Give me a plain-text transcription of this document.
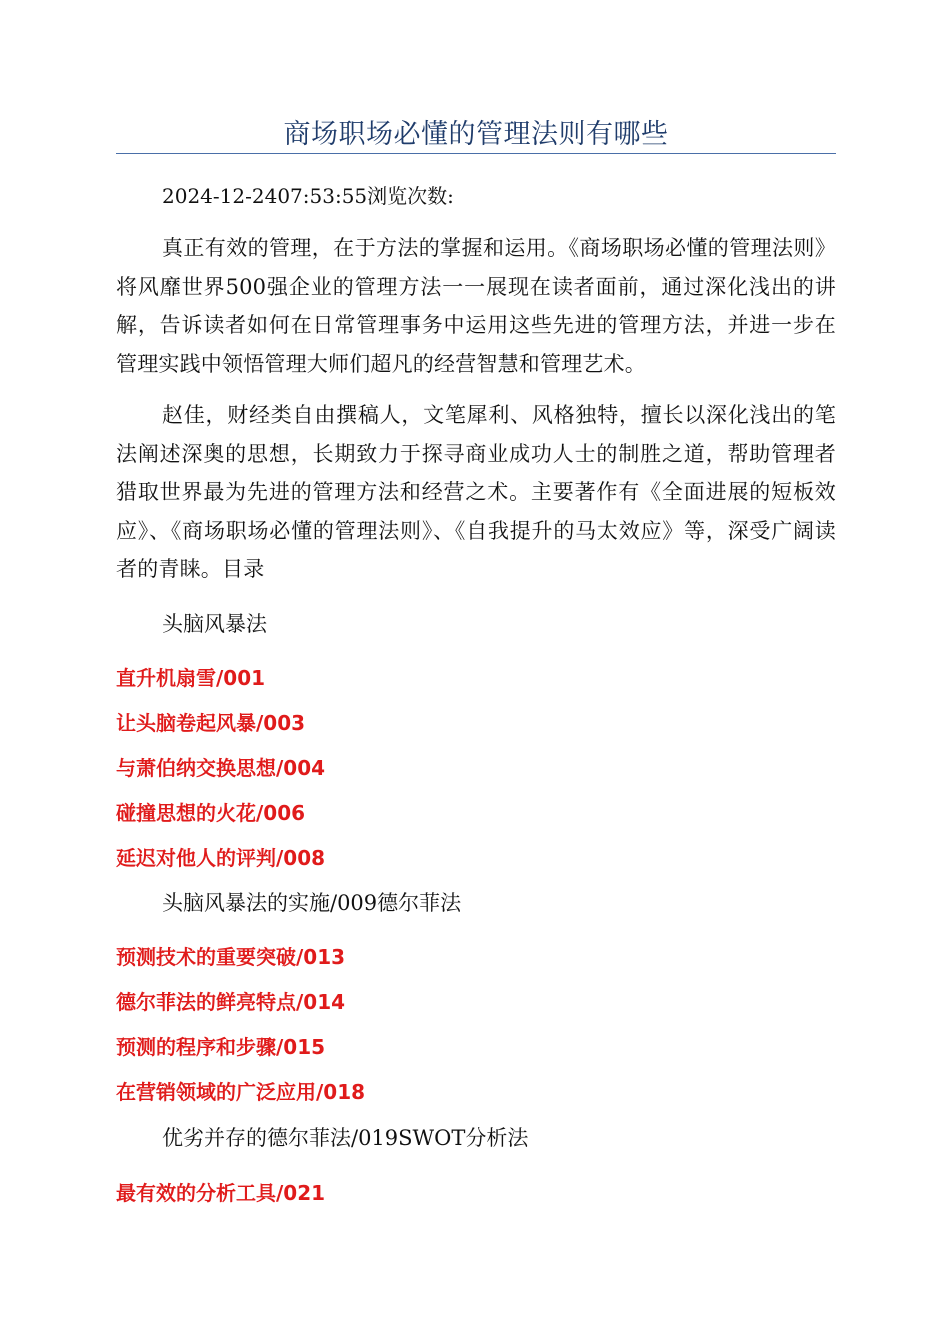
商场职场必懂的管理法则有哪些
2024-12-2407:53:55浏览次数:

真正有效的管理，在于方法的掌握和运用。《商场职场必懂的管理法则》将风靡世界500强企业的管理方法一一展现在读者面前，通过深化浅出的讲解，告诉读者如何在日常管理事务中运用这些先进的管理方法，并进一步在管理实践中领悟管理大师们超凡的经营智慧和管理艺术。

赵佳，财经类自由撰稿人，文笔犀利、风格独特，擅长以深化浅出的笔法阐述深奥的思想，长期致力于探寻商业成功人士的制胜之道，帮助管理者猎取世界最为先进的管理方法和经营之术。主要著作有《全面进展的短板效应》、《商场职场必懂的管理法则》、《自我提升的马太效应》等，深受广阔读者的青睐。目录

头脑风暴法
直升机扇雪/001
让头脑卷起风暴/003
与萧伯纳交换思想/004
碰撞思想的火花/006
延迟对他人的评判/008
头脑风暴法的实施/009德尔菲法
预测技术的重要突破/013
德尔菲法的鲜亮特点/014
预测的程序和步骤/015
在营销领域的广泛应用/018
优劣并存的德尔菲法/019SWOT分析法
最有效的分析工具/021
